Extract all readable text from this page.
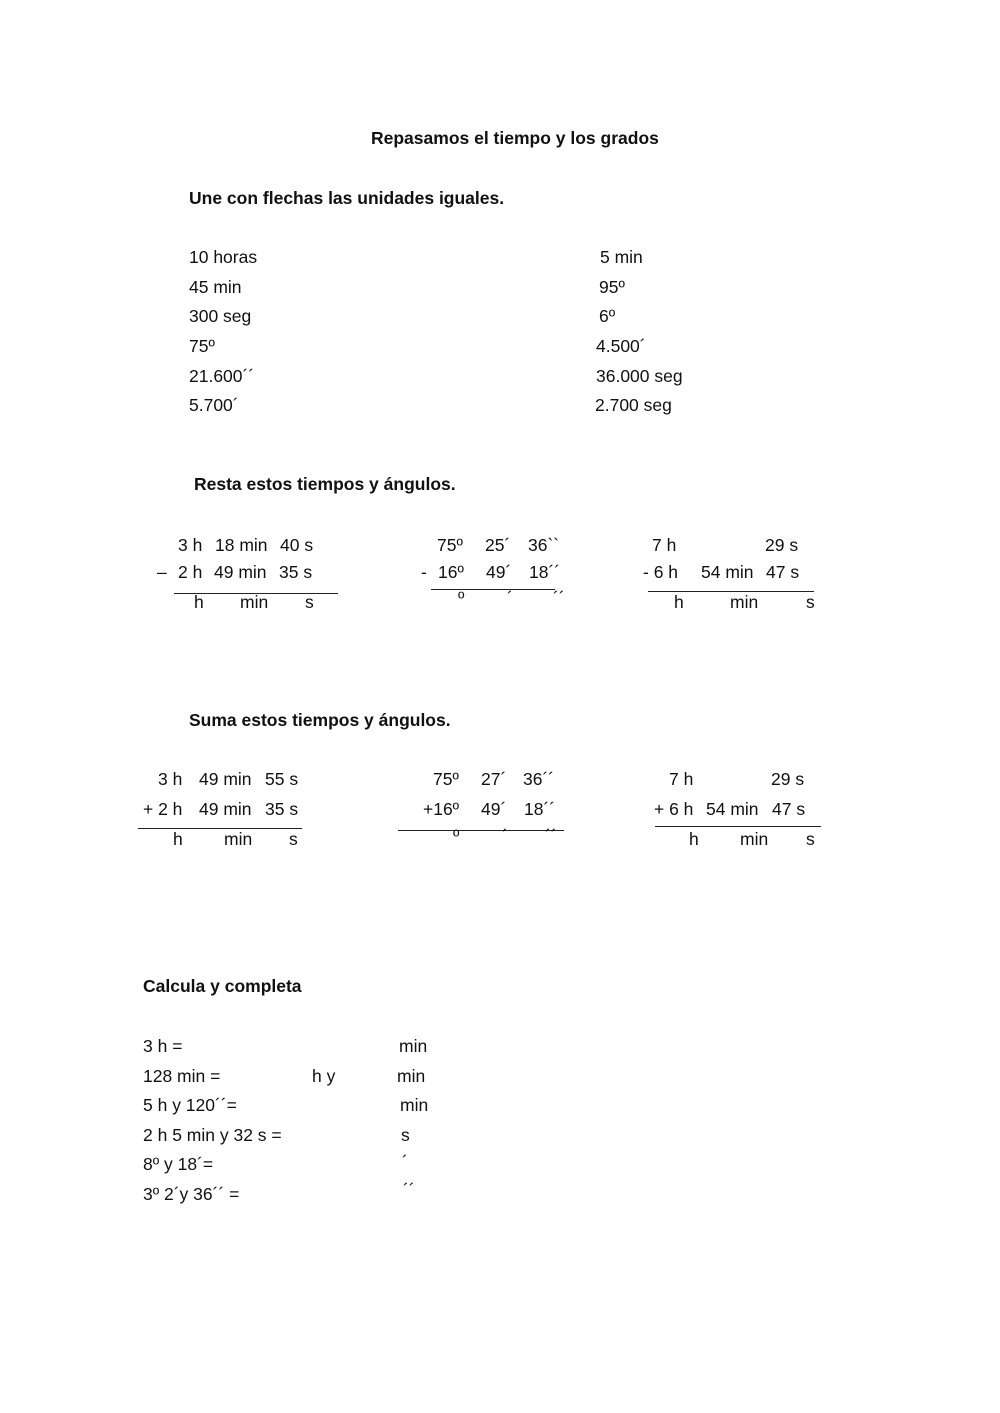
Repasamos el tiempo y los grados
Une con flechas las unidades iguales.
10 horas
45 min
300 seg
75º
21.600´´
5.700´
5 min
95º
6º
4.500´
36.000 seg
2.700 seg
Resta estos tiempos y ángulos.
3 h 18 min 40 s
– 2 h 49 min 35 s
h min s
75º 25´ 36``
- 16º 49´ 18´´
º ´ ´´
7 h	29 s
- 6 h 54 min 47 s
h	min	s
Suma estos tiempos y ángulos.
3 h 49 min 55 s
+ 2 h 49 min 35 s
h min s
75º 27´ 36´´
+16º 49´ 18´´
º ´ ´´
7 h	29 s
+ 6 h 54 min 47 s
h min s
Calcula y completa
3 h =	min
128 min =	h y	min
5 h y 120´´=	min
2 h 5 min y 32 s =	s
8º y 18´=	´
3º 2´y 36´´ =	´´
